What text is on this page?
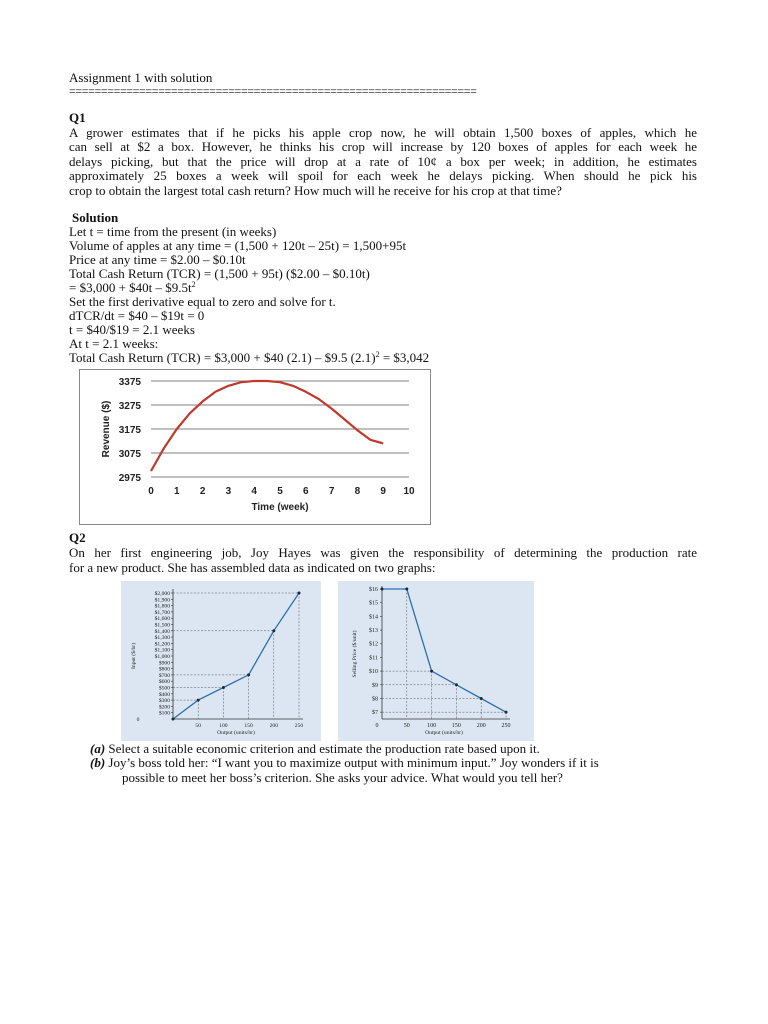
Assignment 1 with solution
================================================================
Q1
A grower estimates that if he picks his apple crop now, he will obtain 1,500 boxes of apples, which he
can sell at $2 a box. However, he thinks his crop will increase by 120 boxes of apples for each week he
delays picking, but that the price will drop at a rate of 10¢ a box per week; in addition, he estimates
approximately 25 boxes a week will spoil for each week he delays picking. When should he pick his
crop to obtain the largest total cash return? How much will he receive for his crop at that time?
Solution
Let t = time from the present (in weeks)
Volume of apples at any time = (1,500 + 120t – 25t) = 1,500+95t
Price at any time = $2.00 – $0.10t
Total Cash Return (TCR) = (1,500 + 95t) ($2.00 – $0.10t)
= $3,000 + $40t – $\$9.5t^2$
Set the first derivative equal to zero and solve for t.
dTCR/dt = $40 – $19t = 0
t = $40/$19 = 2.1 weeks
At t = 2.1 weeks:
Total Cash Return (TCR) = $3,000 + $40 (2.1) – $9.5 $(2.1)^2$ = $3,042
2975
3075
3175
3275
3375
0 1 2 3 4 5 6 7 8 9 10
Time (week)
Revenue ($)
Q2
On her first engineering job, Joy Hayes was given the responsibility of determining the production rate
for a new product. She has assembled data as indicated on two graphs:
$100
$200
$300
$400
$500
$600
$700
$800
$900
$1,000
$1,100
$1,200
$1,300
$1,400
$1,500
$1,600
$1,700
$1,800
$1,900
$2,000
0
50	100	150	200	250
Output (units/hr)
Input ($/hr)
$7
$8
$9
$10
$11
$12
$13
$14
$15
$16
0	50	100	150	200	250
Output (units/hr)
Selling Price ($/unit)
(a) Select a suitable economic criterion and estimate the production rate based upon it.
(b) Joy’s boss told her: “I want you to maximize output with minimum input.” Joy wonders if it is
possible to meet her boss’s criterion. She asks your advice. What would you tell her?
